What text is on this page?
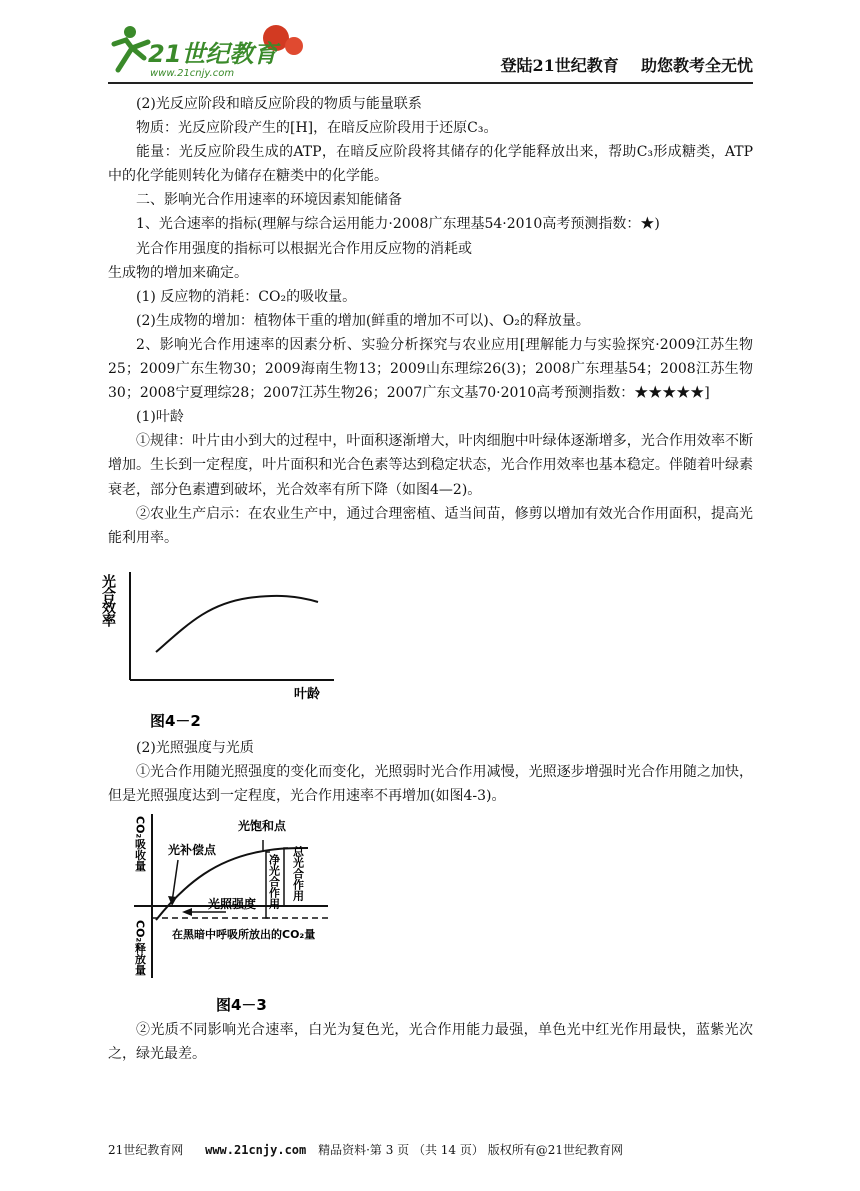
21世纪教育
www.21cnjy.com	登陆21世纪教育    助您教考全无忧

(2)光反应阶段和暗反应阶段的物质与能量联系

物质：光反应阶段产生的[H]，在暗反应阶段用于还原C₃。

能量：光反应阶段生成的ATP，在暗反应阶段将其储存的化学能释放出来，帮助C₃形成糖类，ATP中的化学能则转化为储存在糖类中的化学能。

二、影响光合作用速率的环境因素知能储备

1、光合速率的指标(理解与综合运用能力·2008广东理基54·2010高考预测指数：★)

光合作用强度的指标可以根据光合作用反应物的消耗或

生成物的增加来确定。

(1) 反应物的消耗：CO₂的吸收量。

(2)生成物的增加：植物体干重的增加(鲜重的增加不可以)、O₂的释放量。

2、影响光合作用速率的因素分析、实验分析探究与农业应用[理解能力与实验探究·2009江苏生物25；2009广东生物30；2009海南生物13；2009山东理综26(3)；2008广东理基54；2008江苏生物30；2008宁夏理综28；2007江苏生物26；2007广东文基70·2010高考预测指数：★★★★★]

(1)叶龄

①规律：叶片由小到大的过程中，叶面积逐渐增大，叶肉细胞中叶绿体逐渐增多，光合作用效率不断增加。生长到一定程度，叶片面积和光合色素等达到稳定状态，光合作用效率也基本稳定。伴随着叶绿素衰老，部分色素遭到破坏，光合效率有所下降（如图4—2)。

②农业生产启示：在农业生产中，通过合理密植、适当间苗，修剪以增加有效光合作用面积，提高光能利用率。

光合效率
叶龄
图4－2

(2)光照强度与光质

①光合作用随光照强度的变化而变化，光照弱时光合作用减慢，光照逐步增强时光合作用随之加快，但是光照强度达到一定程度，光合作用速率不再增加(如图4-3)。

CO₂吸收量
CO₂释放量
光饱和点
光补偿点
净光合作用 总光合作用
光照强度
在黑暗中呼吸所放出的CO₂量
图4－3

②光质不同影响光合速率，白光为复色光，光合作用能力最强，单色光中红光作用最快，蓝紫光次之，绿光最差。

21世纪教育网 www.21cnjy.com 精品资料·第 3 页 （共 14 页） 版权所有@21世纪教育网
